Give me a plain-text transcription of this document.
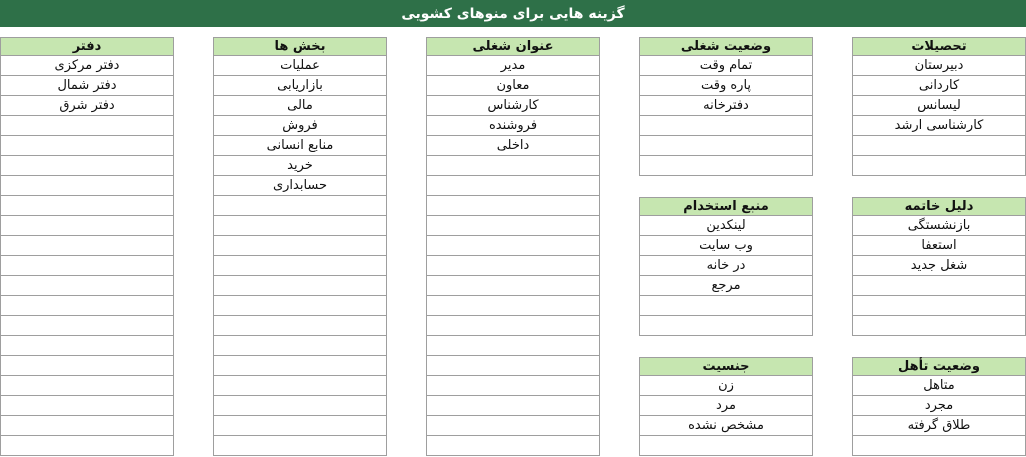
گزینه هایی برای منوهای کشویی
دفتر
دفتر مرکزی
دفتر شمال
دفتر شرق
بخش ها
عملیات
بازاریابی
مالی
فروش
منابع انسانی
خرید
حسابداری
عنوان شغلی
مدیر
معاون
کارشناس
فروشنده
داخلی
وضعیت شغلی
تمام وقت
پاره وقت
دفترخانه
تحصیلات
دبیرستان
کاردانی
لیسانس
کارشناسی ارشد
منبع استخدام
لینکدین
وب سایت
در خانه
مرجع
دلیل خاتمه
بازنشستگی
استعفا
شغل جدید
جنسیت
زن
مرد
مشخص نشده
وضعیت تأهل
متاهل
مجرد
طلاق گرفته
